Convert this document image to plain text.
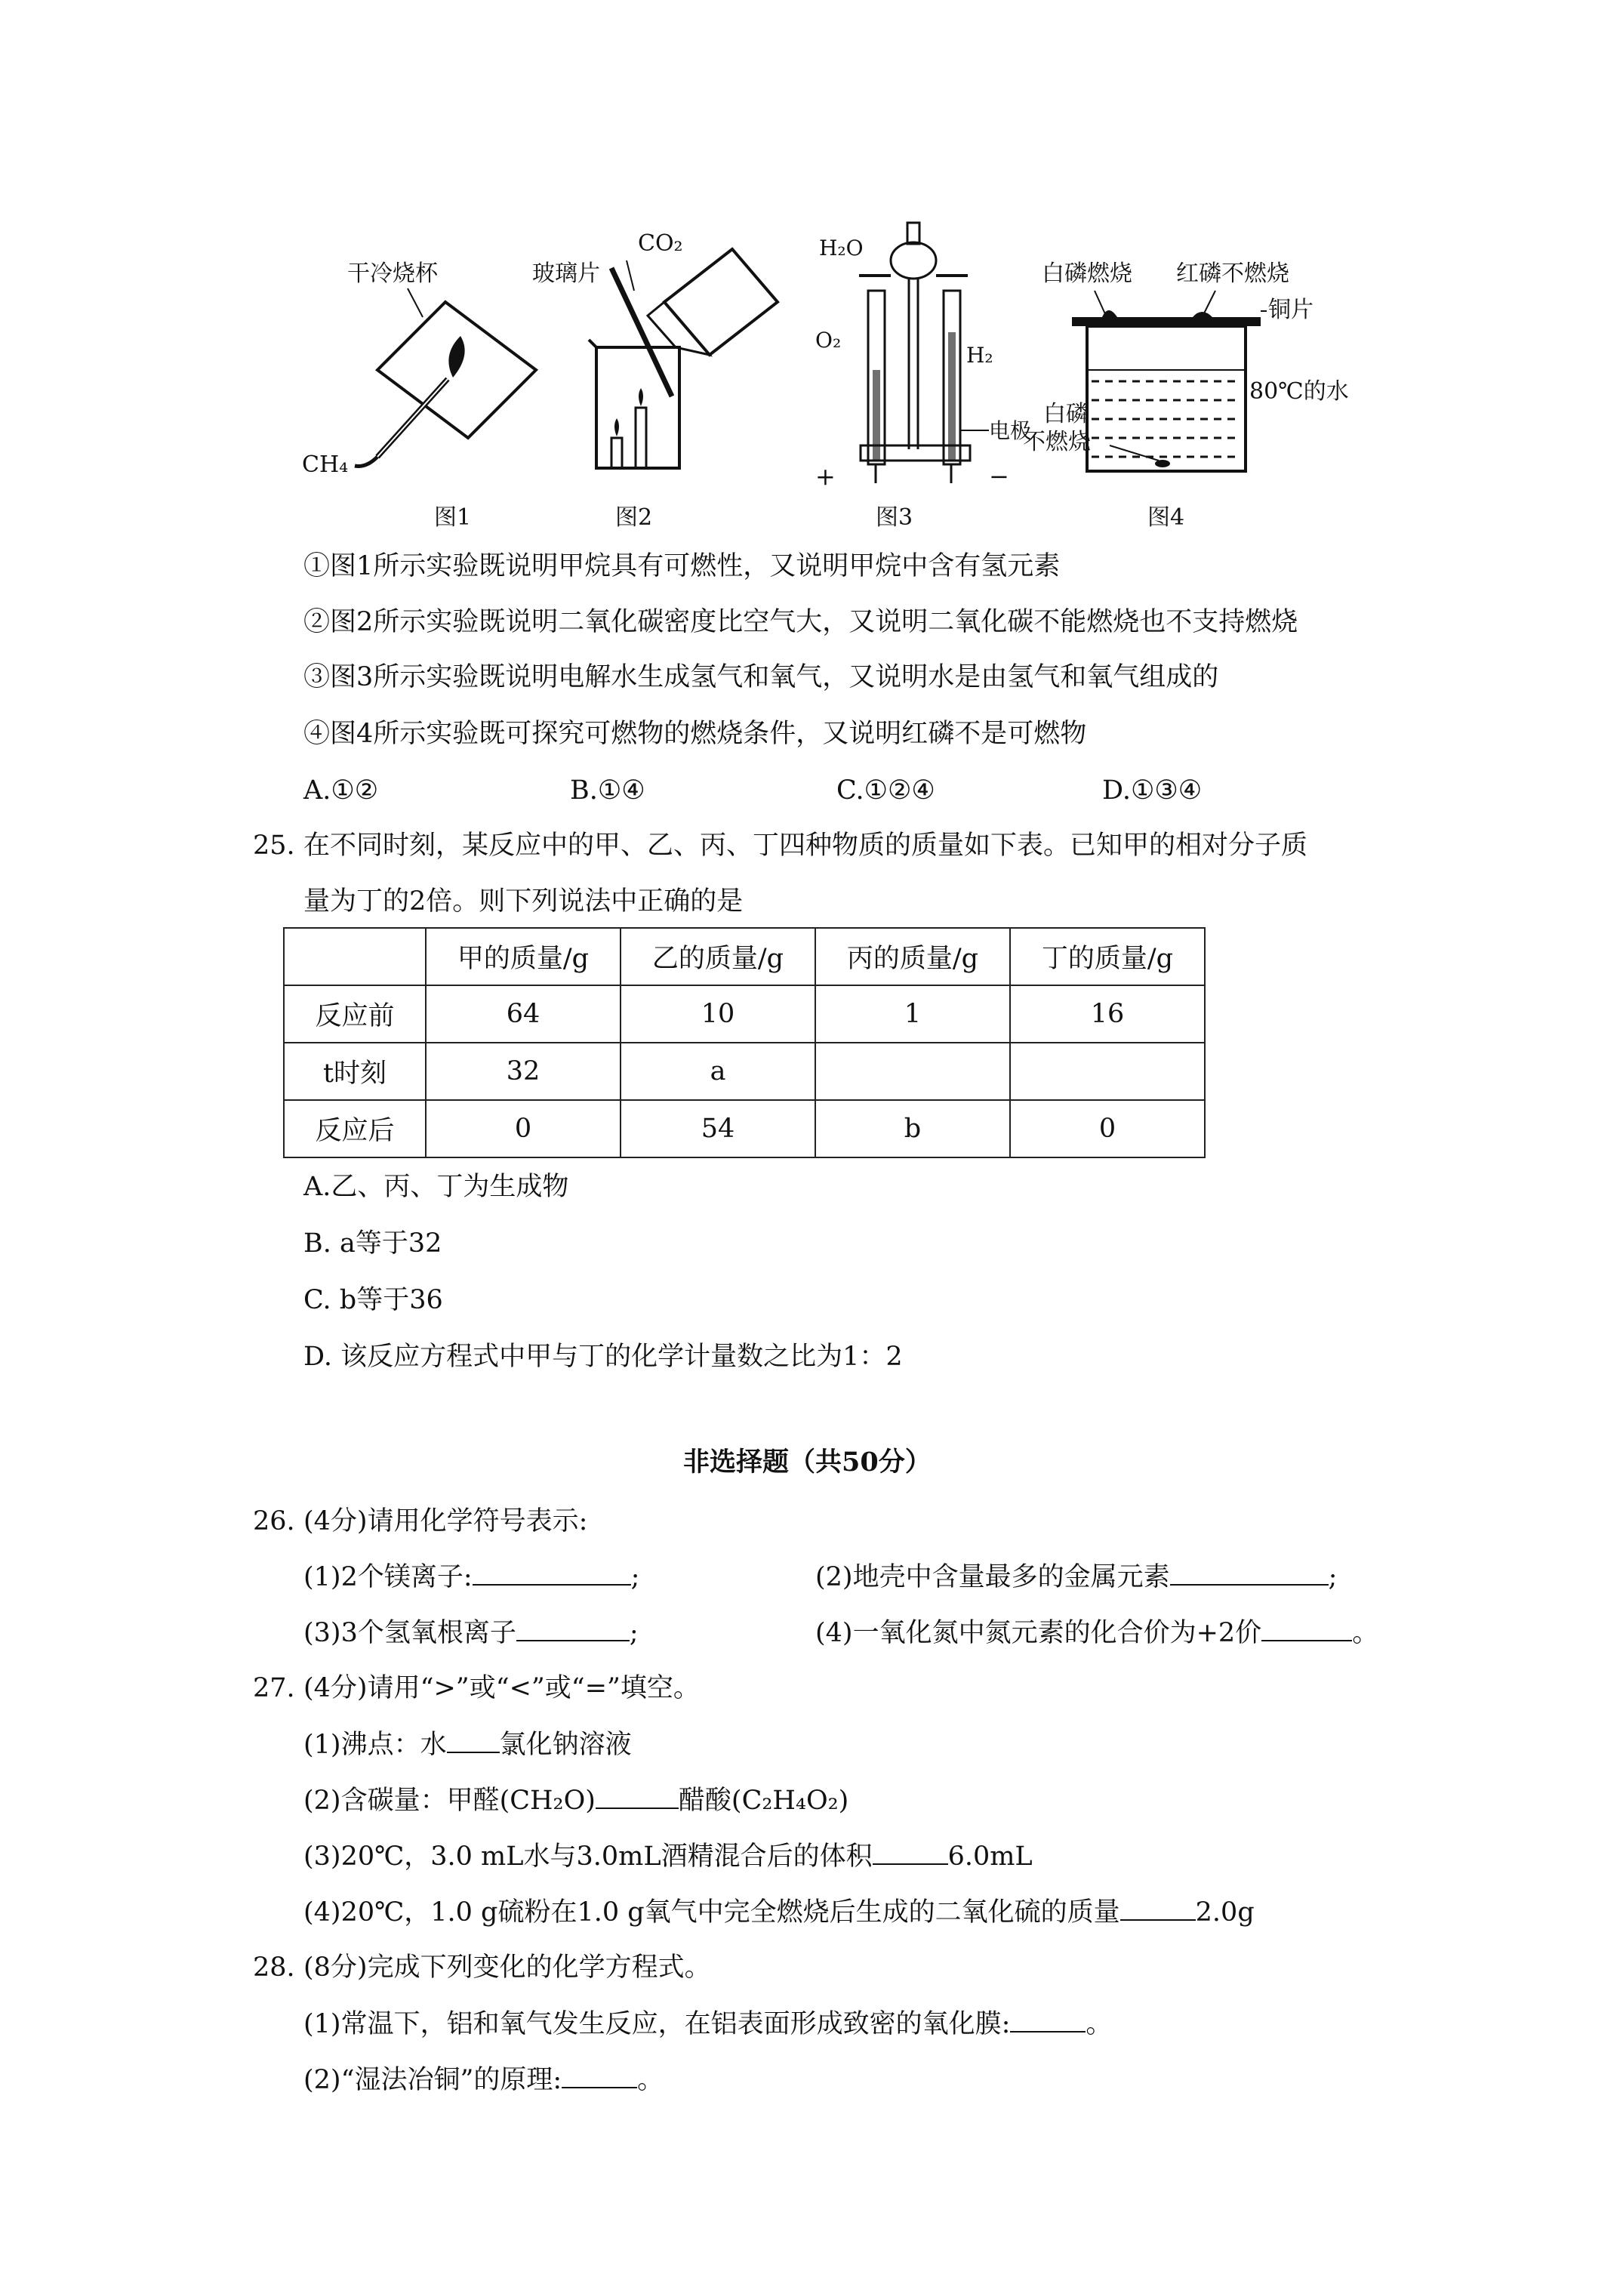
干冷烧杯
CH₄
图1
玻璃片
CO₂
图2
H₂O
O₂
H₂
电极
+	−
图3
白磷燃烧 红磷不燃烧
铜片
80℃的水
白磷
不燃烧
图4
①图1所示实验既说明甲烷具有可燃性，又说明甲烷中含有氢元素
②图2所示实验既说明二氧化碳密度比空气大，又说明二氧化碳不能燃烧也不支持燃烧
③图3所示实验既说明电解水生成氢气和氧气，又说明水是由氢气和氧气组成的
④图4所示实验既可探究可燃物的燃烧条件，又说明红磷不是可燃物
A.①②	B.①④	C.①②④	D.①③④
25. 在不同时刻，某反应中的甲、乙、丙、丁四种物质的质量如下表。已知甲的相对分子质
量为丁的2倍。则下列说法中正确的是
	甲的质量/g	乙的质量/g	丙的质量/g	丁的质量/g
反应前	64	10	1	16
t时刻	32	a		
反应后	0	54	b	0
A.乙、丙、丁为生成物
B. a等于32
C. b等于36
D. 该反应方程式中甲与丁的化学计量数之比为1：2
非选择题（共50分）
26. (4分)请用化学符号表示:
(1)2个镁离子:	;	(2)地壳中含量最多的金属元素	;
(3)3个氢氧根离子	;	(4)一氧化氮中氮元素的化合价为+2价	。
27. (4分)请用“>”或“<”或“=”填空。
(1)沸点：水 氯化钠溶液
(2)含碳量：甲醛(CH₂O)	醋酸(C₂H₄O₂)
(3)20℃，3.0 mL水与3.0mL酒精混合后的体积	6.0mL
(4)20℃，1.0 g硫粉在1.0 g氧气中完全燃烧后生成的二氧化硫的质量	2.0g
28. (8分)完成下列变化的化学方程式。
(1)常温下，铝和氧气发生反应，在铝表面形成致密的氧化膜:	。
(2)“湿法冶铜”的原理:	。
